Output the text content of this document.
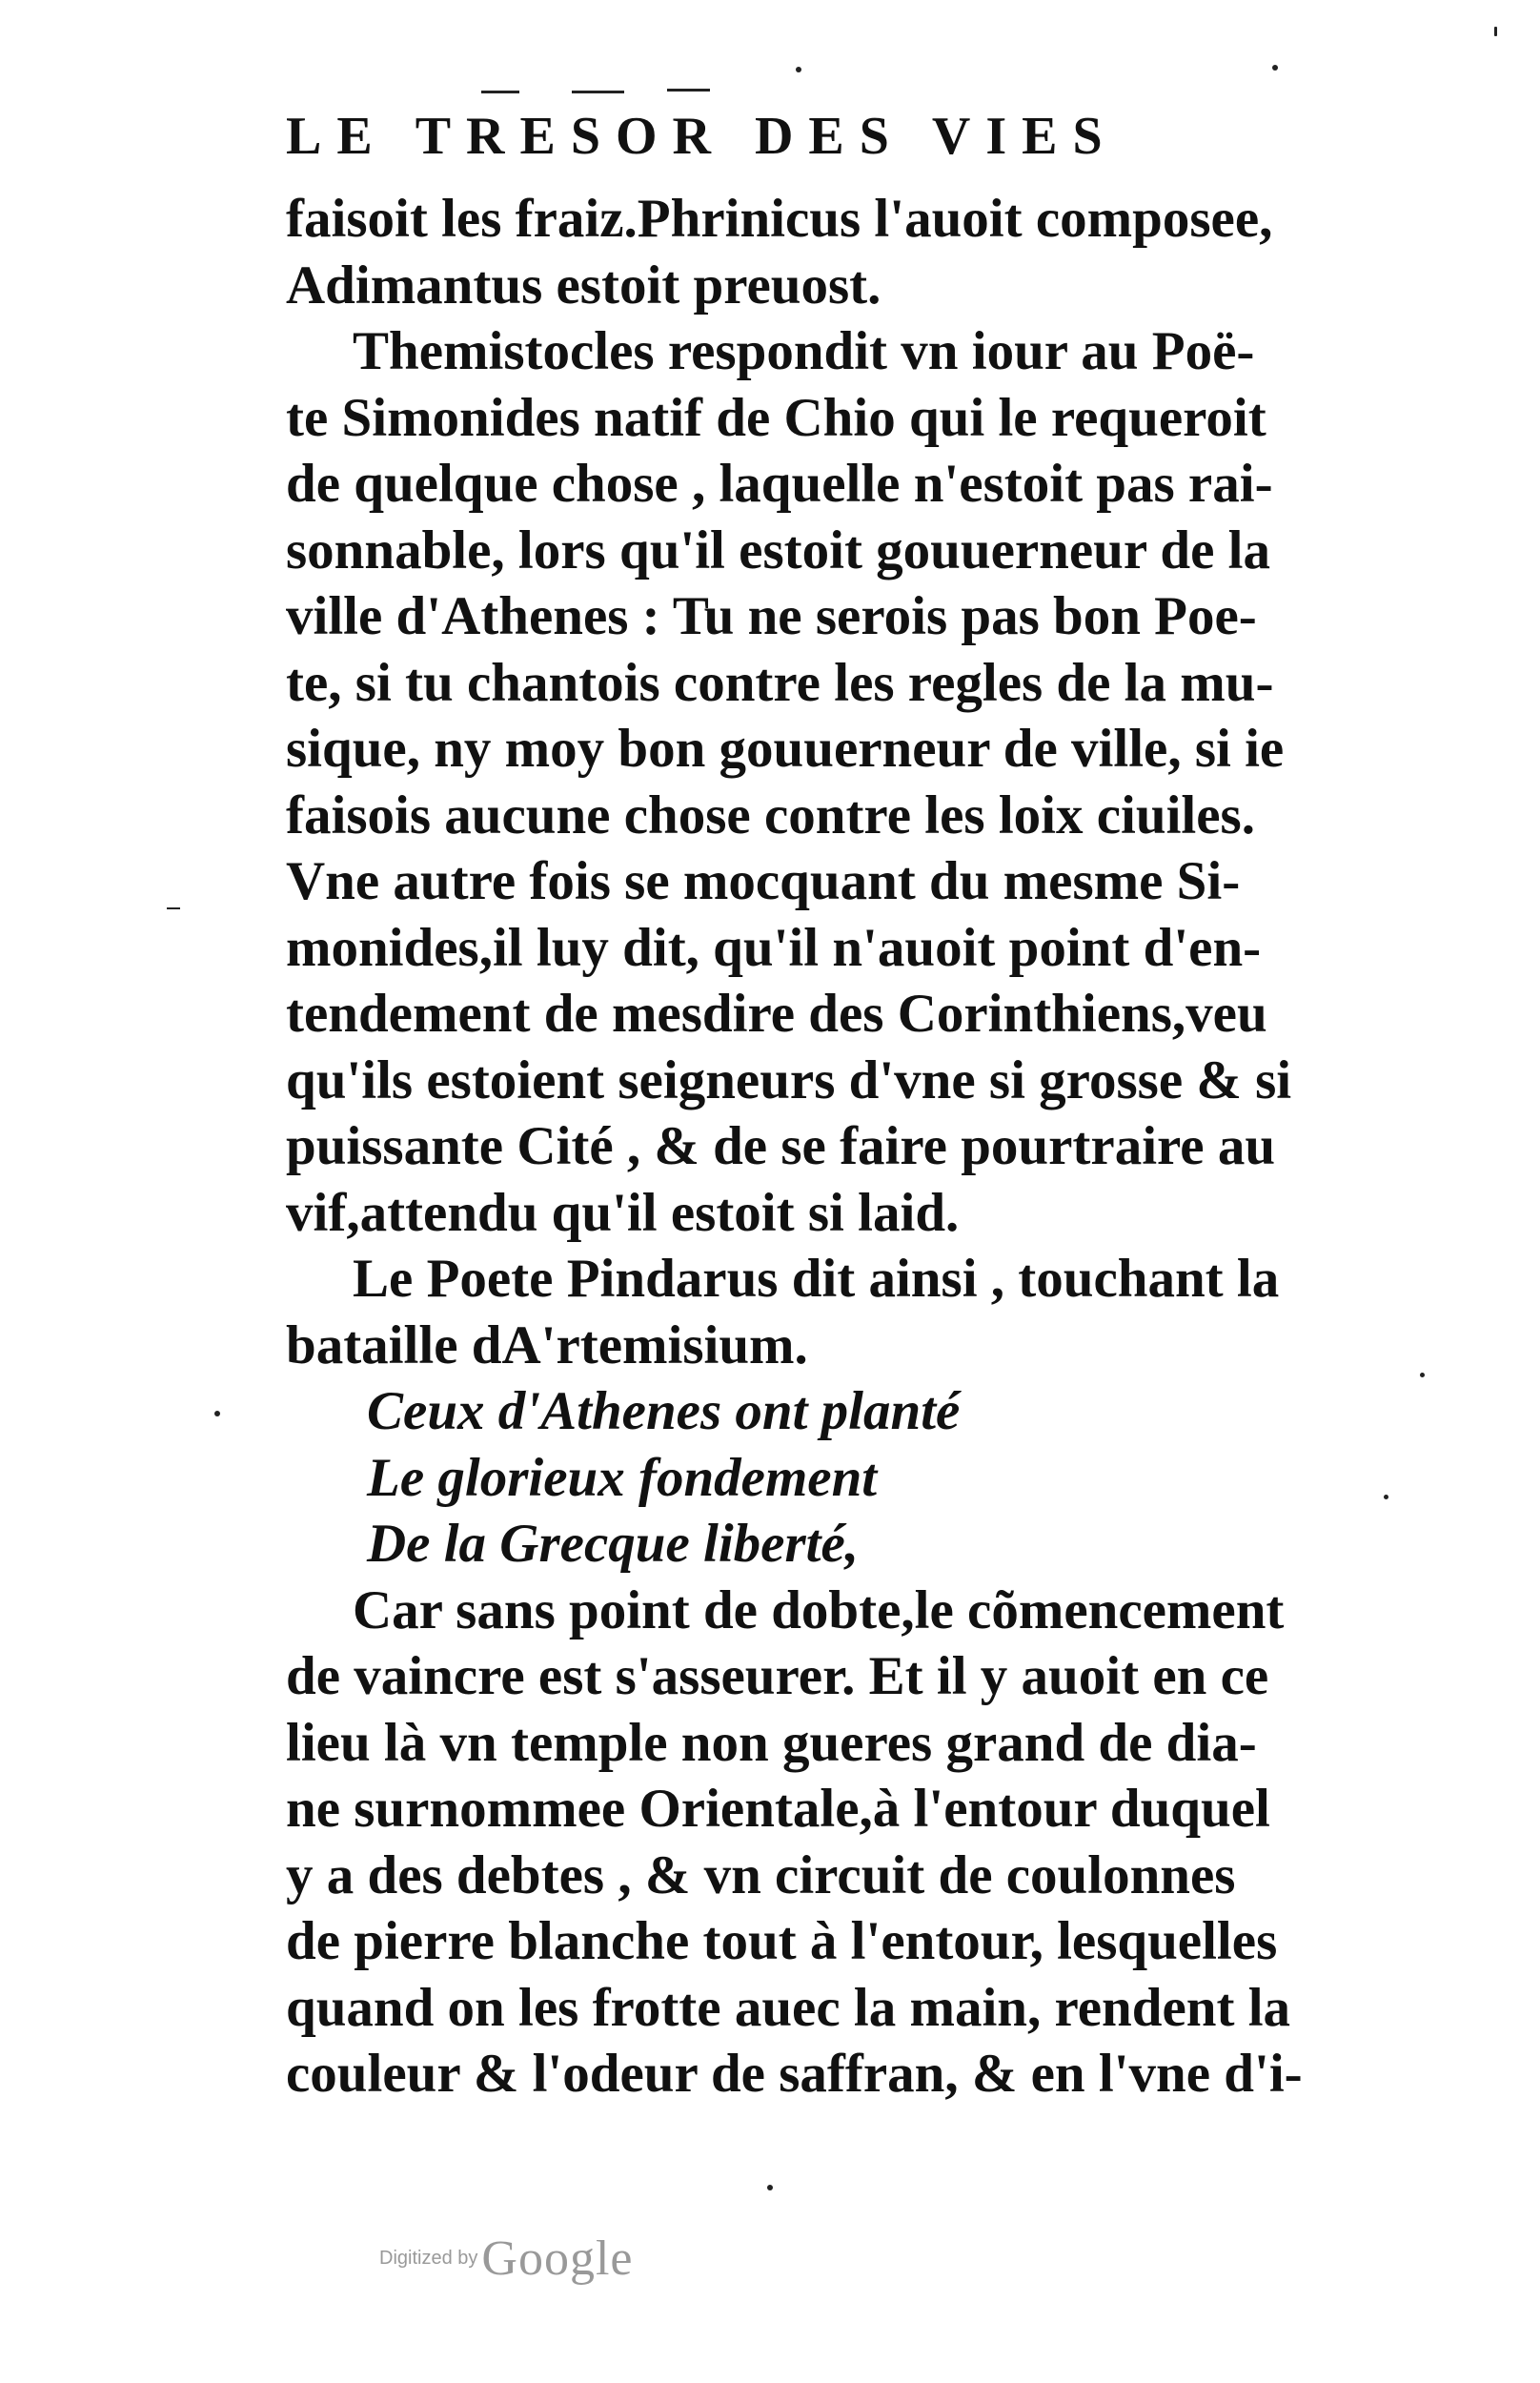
LE TRESOR DES VIES
faisoit les fraiz.Phrinicus l'auoit composee,
Adimantus estoit preuost.
Themistocles respondit vn iour au Poë-
te Simonides natif de Chio qui le requeroit
de quelque chose , laquelle n'estoit pas rai-
sonnable, lors qu'il estoit gouuerneur de la
ville d'Athenes : Tu ne serois pas bon Poe-
te, si tu chantois contre les regles de la mu-
sique, ny moy bon gouuerneur de ville, si ie
faisois aucune chose contre les loix ciuiles.
Vne autre fois se mocquant du mesme Si-
monides,il luy dit, qu'il n'auoit point d'en-
tendement de mesdire des Corinthiens,veu
qu'ils estoient seigneurs d'vne si grosse & si
puissante Cité , & de se faire pourtraire au
vif,attendu qu'il estoit si laid.
Le Poete Pindarus dit ainsi , touchant la
bataille dA'rtemisium.
Ceux d'Athenes ont planté
Le glorieux fondement
De la Grecque liberté,
Car sans point de dobte,le cõmencement
de vaincre est s'asseurer. Et il y auoit en ce
lieu là vn temple non gueres grand de dia-
ne surnommee Orientale,à l'entour duquel
y a des debtes , & vn circuit de coulonnes
de pierre blanche tout à l'entour, lesquelles
quand on les frotte auec la main, rendent la
couleur & l'odeur de saffran, & en l'vne d'i-
Digitized by Google
